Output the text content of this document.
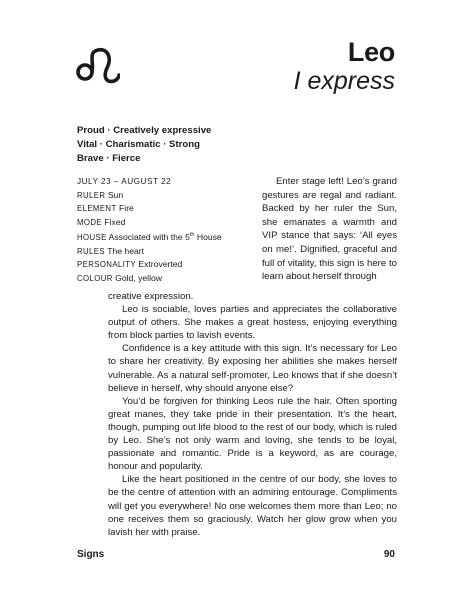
Leo
I express
Proud · Creatively expressive
Vital · Charismatic · Strong
Brave · Fierce
JULY 23 – AUGUST 22
RULER Sun
ELEMENT Fire
MODE Fixed
HOUSE Associated with the 5th House
RULES The heart
PERSONALITY Extroverted
COLOUR Gold, yellow

Enter stage left! Leo’s grand gestures are regal and radiant. Backed by her ruler the Sun, she emanates a warmth and VIP stance that says: ‘All eyes on me!’. Dignified, graceful and full of vitality, this sign is here to learn about herself through

creative expression.

Leo is sociable, loves parties and appreciates the collaborative output of others. She makes a great hostess, enjoying everything from block parties to lavish events.

Confidence is a key attitude with this sign. It’s necessary for Leo to share her creativity. By exposing her abilities she makes herself vulnerable. As a natural self-promoter, Leo knows that if she doesn’t believe in herself, why should anyone else?

You’d be forgiven for thinking Leos rule the hair. Often sporting great manes, they take pride in their presentation. It’s the heart, though, pumping out life blood to the rest of our body, which is ruled by Leo. She’s not only warm and loving, she tends to be loyal, passionate and romantic. Pride is a keyword, as are courage, honour and popularity.

Like the heart positioned in the centre of our body, she loves to be the centre of attention with an admiring entourage. Compliments will get you everywhere! No one welcomes them more than Leo; no one receives them so graciously. Watch her glow grow when you lavish her with praise.

Signs	90
